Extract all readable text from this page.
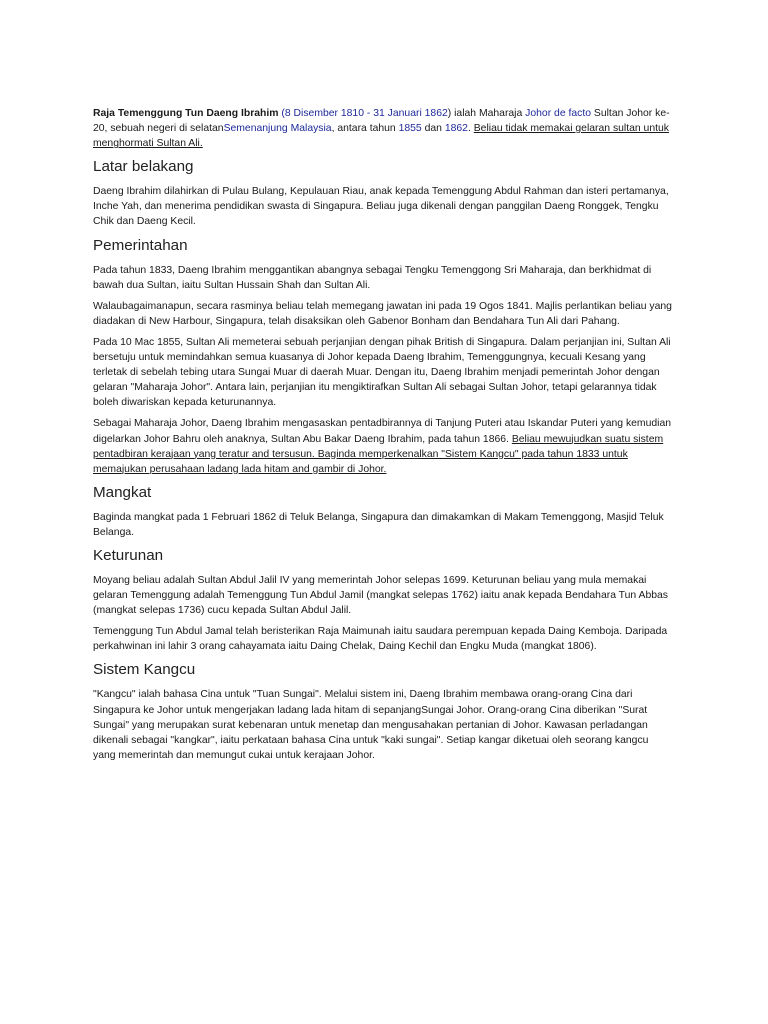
Raja Temenggung Tun Daeng Ibrahim (8 Disember 1810 - 31 Januari 1862) ialah Maharaja Johor de facto Sultan Johor ke-20, sebuah negeri di selatanSemenanjung Malaysia, antara tahun 1855 dan 1862. Beliau tidak memakai gelaran sultan untuk menghormati Sultan Ali.

Latar belakang

Daeng Ibrahim dilahirkan di Pulau Bulang, Kepulauan Riau, anak kepada Temenggung Abdul Rahman dan isteri pertamanya, Inche Yah, dan menerima pendidikan swasta di Singapura. Beliau juga dikenali dengan panggilan Daeng Ronggek, Tengku Chik dan Daeng Kecil.

Pemerintahan

Pada tahun 1833, Daeng Ibrahim menggantikan abangnya sebagai Tengku Temenggong Sri Maharaja, dan berkhidmat di bawah dua Sultan, iaitu Sultan Hussain Shah dan Sultan Ali.

Walaubagaimanapun, secara rasminya beliau telah memegang jawatan ini pada 19 Ogos 1841. Majlis perlantikan beliau yang diadakan di New Harbour, Singapura, telah disaksikan oleh Gabenor Bonham dan Bendahara Tun Ali dari Pahang.

Pada 10 Mac 1855, Sultan Ali memeterai sebuah perjanjian dengan pihak British di Singapura. Dalam perjanjian ini, Sultan Ali bersetuju untuk memindahkan semua kuasanya di Johor kepada Daeng Ibrahim, Temenggungnya, kecuali Kesang yang terletak di sebelah tebing utara Sungai Muar di daerah Muar. Dengan itu, Daeng Ibrahim menjadi pemerintah Johor dengan gelaran "Maharaja Johor". Antara lain, perjanjian itu mengiktirafkan Sultan Ali sebagai Sultan Johor, tetapi gelarannya tidak boleh diwariskan kepada keturunannya.

Sebagai Maharaja Johor, Daeng Ibrahim mengasaskan pentadbirannya di Tanjung Puteri atau Iskandar Puteri yang kemudian digelarkan Johor Bahru oleh anaknya, Sultan Abu Bakar Daeng Ibrahim, pada tahun 1866. Beliau mewujudkan suatu sistem pentadbiran kerajaan yang teratur and tersusun. Baginda memperkenalkan "Sistem Kangcu" pada tahun 1833 untuk memajukan perusahaan ladang lada hitam and gambir di Johor.

Mangkat

Baginda mangkat pada 1 Februari 1862 di Teluk Belanga, Singapura dan dimakamkan di Makam Temenggong, Masjid Teluk Belanga.

Keturunan

Moyang beliau adalah Sultan Abdul Jalil IV yang memerintah Johor selepas 1699. Keturunan beliau yang mula memakai gelaran Temenggung adalah Temenggung Tun Abdul Jamil (mangkat selepas 1762) iaitu anak kepada Bendahara Tun Abbas (mangkat selepas 1736) cucu kepada Sultan Abdul Jalil.

Temenggung Tun Abdul Jamal telah beristerikan Raja Maimunah iaitu saudara perempuan kepada Daing Kemboja. Daripada perkahwinan ini lahir 3 orang cahayamata iaitu Daing Chelak, Daing Kechil dan Engku Muda (mangkat 1806).

Sistem Kangcu

"Kangcu" ialah bahasa Cina untuk "Tuan Sungai". Melalui sistem ini, Daeng Ibrahim membawa orang-orang Cina dari Singapura ke Johor untuk mengerjakan ladang lada hitam di sepanjangSungai Johor. Orang-orang Cina diberikan "Surat Sungai" yang merupakan surat kebenaran untuk menetap dan mengusahakan pertanian di Johor. Kawasan perladangan dikenali sebagai "kangkar", iaitu perkataan bahasa Cina untuk "kaki sungai". Setiap kangar diketuai oleh seorang kangcu yang memerintah dan memungut cukai untuk kerajaan Johor.
